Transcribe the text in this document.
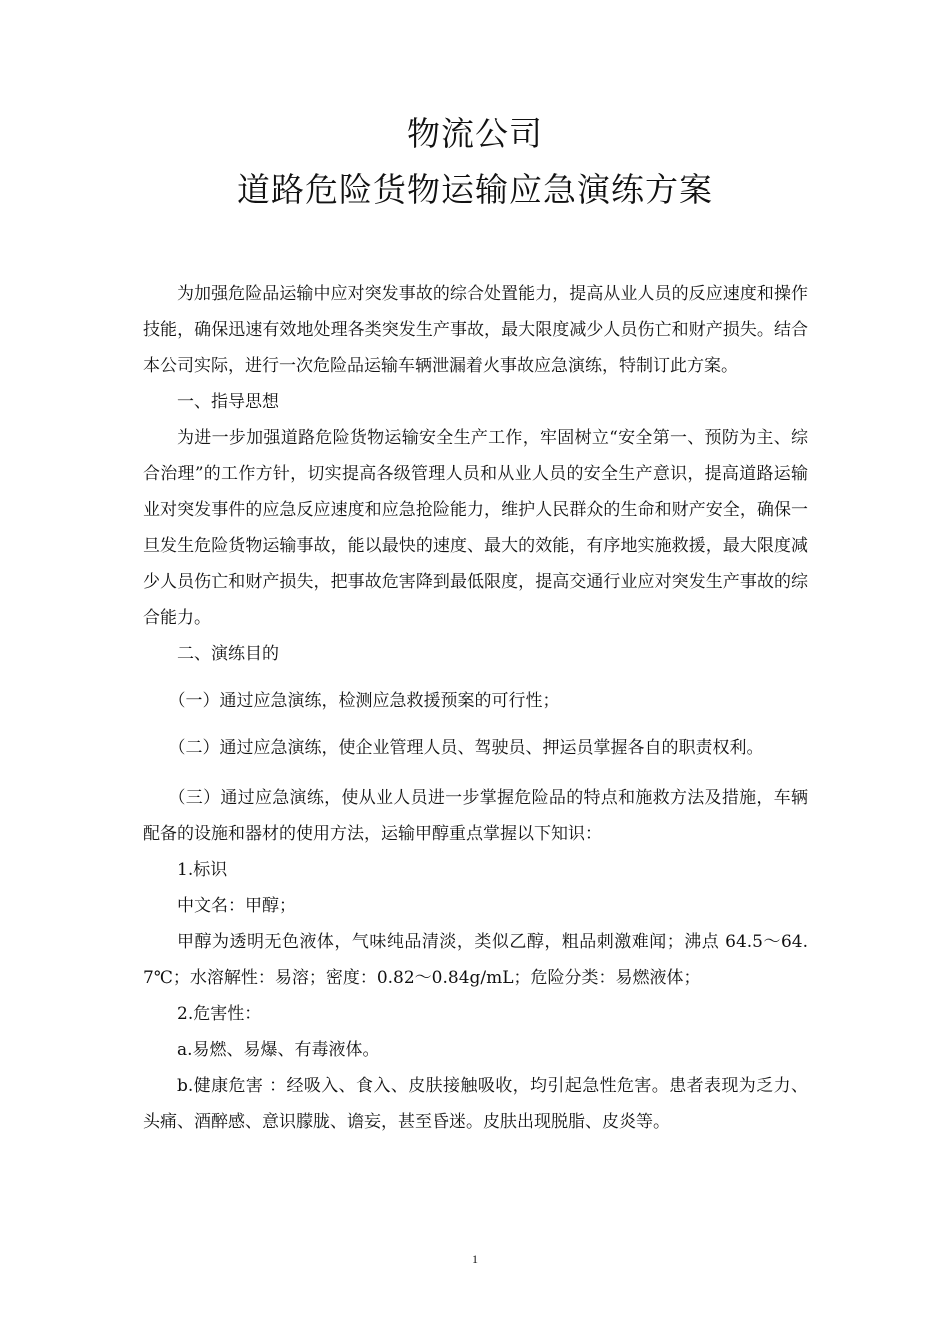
物流公司
道路危险货物运输应急演练方案

为加强危险品运输中应对突发事故的综合处置能力，提高从业人员的反应速度和操作技能，确保迅速有效地处理各类突发生产事故，最大限度减少人员伤亡和财产损失。结合本公司实际，进行一次危险品运输车辆泄漏着火事故应急演练，特制订此方案。

一、指导思想

为进一步加强道路危险货物运输安全生产工作，牢固树立“安全第一、预防为主、综合治理”的工作方针，切实提高各级管理人员和从业人员的安全生产意识，提高道路运输业对突发事件的应急反应速度和应急抢险能力，维护人民群众的生命和财产安全，确保一旦发生危险货物运输事故，能以最快的速度、最大的效能，有序地实施救援，最大限度减少人员伤亡和财产损失，把事故危害降到最低限度，提高交通行业应对突发生产事故的综合能力。

二、演练目的

（一）通过应急演练，检测应急救援预案的可行性；

（二）通过应急演练，使企业管理人员、驾驶员、押运员掌握各自的职责权利。

（三）通过应急演练，使从业人员进一步掌握危险品的特点和施救方法及措施，车辆配备的设施和器材的使用方法，运输甲醇重点掌握以下知识：

1.标识

中文名：甲醇；

甲醇为透明无色液体，气味纯品清淡，类似乙醇，粗品刺激难闻；沸点 64.5～64.7℃；水溶解性：易溶；密度：0.82～0.84g/mL；危险分类：易燃液体；

2.危害性：

a.易燃、易爆、有毒液体。

b.健康危害 ：经吸入、食入、皮肤接触吸收，均引起急性危害。患者表现为乏力、头痛、酒醉感、意识朦胧、谵妄，甚至昏迷。皮肤出现脱脂、皮炎等。

1
